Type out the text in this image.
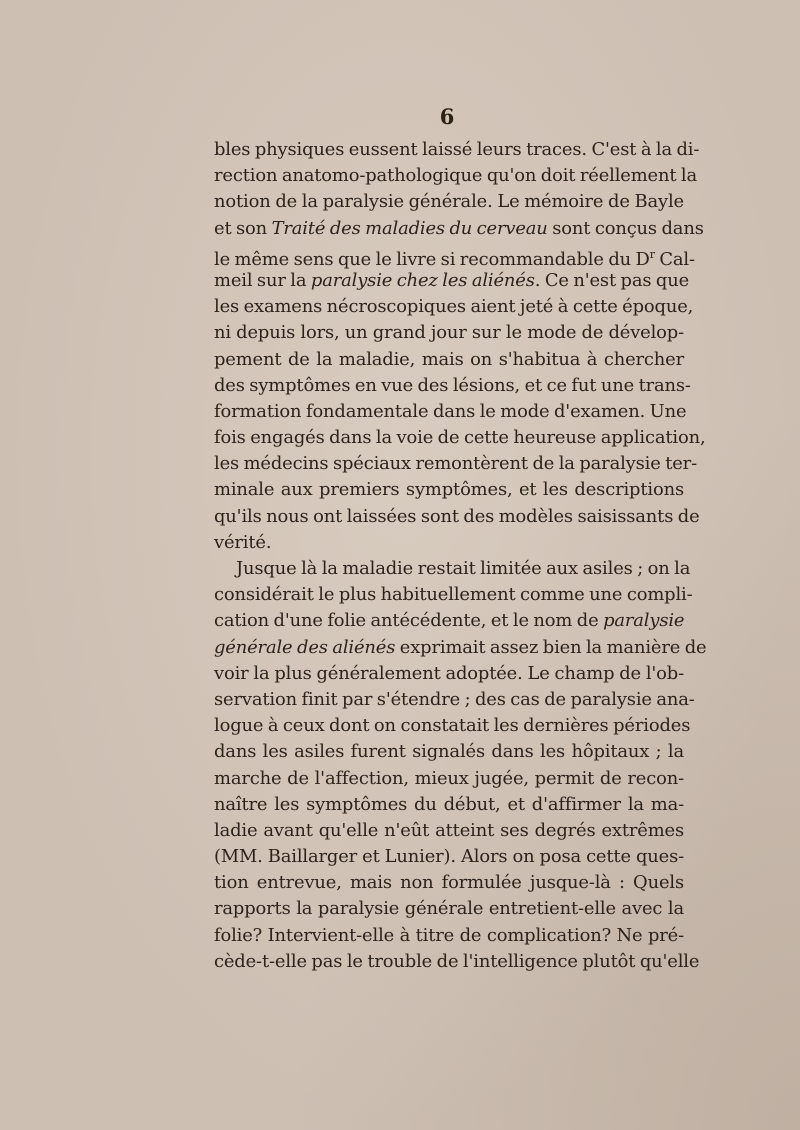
6
bles physiques eussent laissé leurs traces. C'est à la di-
rection anatomo-pathologique qu'on doit réellement la
notion de la paralysie générale. Le mémoire de Bayle
et son Traité des maladies du cerveau sont conçus dans
le même sens que le livre si recommandable du $D^r$ Cal-
meil sur la paralysie chez les aliénés. Ce n'est pas que
les examens nécroscopiques aient jeté à cette époque,
ni depuis lors, un grand jour sur le mode de dévelop-
pement de la maladie, mais on s'habitua à chercher
des symptômes en vue des lésions, et ce fut une trans-
formation fondamentale dans le mode d'examen. Une
fois engagés dans la voie de cette heureuse application,
les médecins spéciaux remontèrent de la paralysie ter-
minale aux premiers symptômes, et les descriptions
qu'ils nous ont laissées sont des modèles saisissants de
vérité.
Jusque là la maladie restait limitée aux asiles ; on la
considérait le plus habituellement comme une compli-
cation d'une folie antécédente, et le nom de paralysie
générale des aliénés exprimait assez bien la manière de
voir la plus généralement adoptée. Le champ de l'ob-
servation finit par s'étendre ; des cas de paralysie ana-
logue à ceux dont on constatait les dernières périodes
dans les asiles furent signalés dans les hôpitaux ; la
marche de l'affection, mieux jugée, permit de recon-
naître les symptômes du début, et d'affirmer la ma-
ladie avant qu'elle n'eût atteint ses degrés extrêmes
(MM. Baillarger et Lunier). Alors on posa cette ques-
tion entrevue, mais non formulée jusque-là : Quels
rapports la paralysie générale entretient-elle avec la
folie? Intervient-elle à titre de complication? Ne pré-
cède-t-elle pas le trouble de l'intelligence plutôt qu'elle
